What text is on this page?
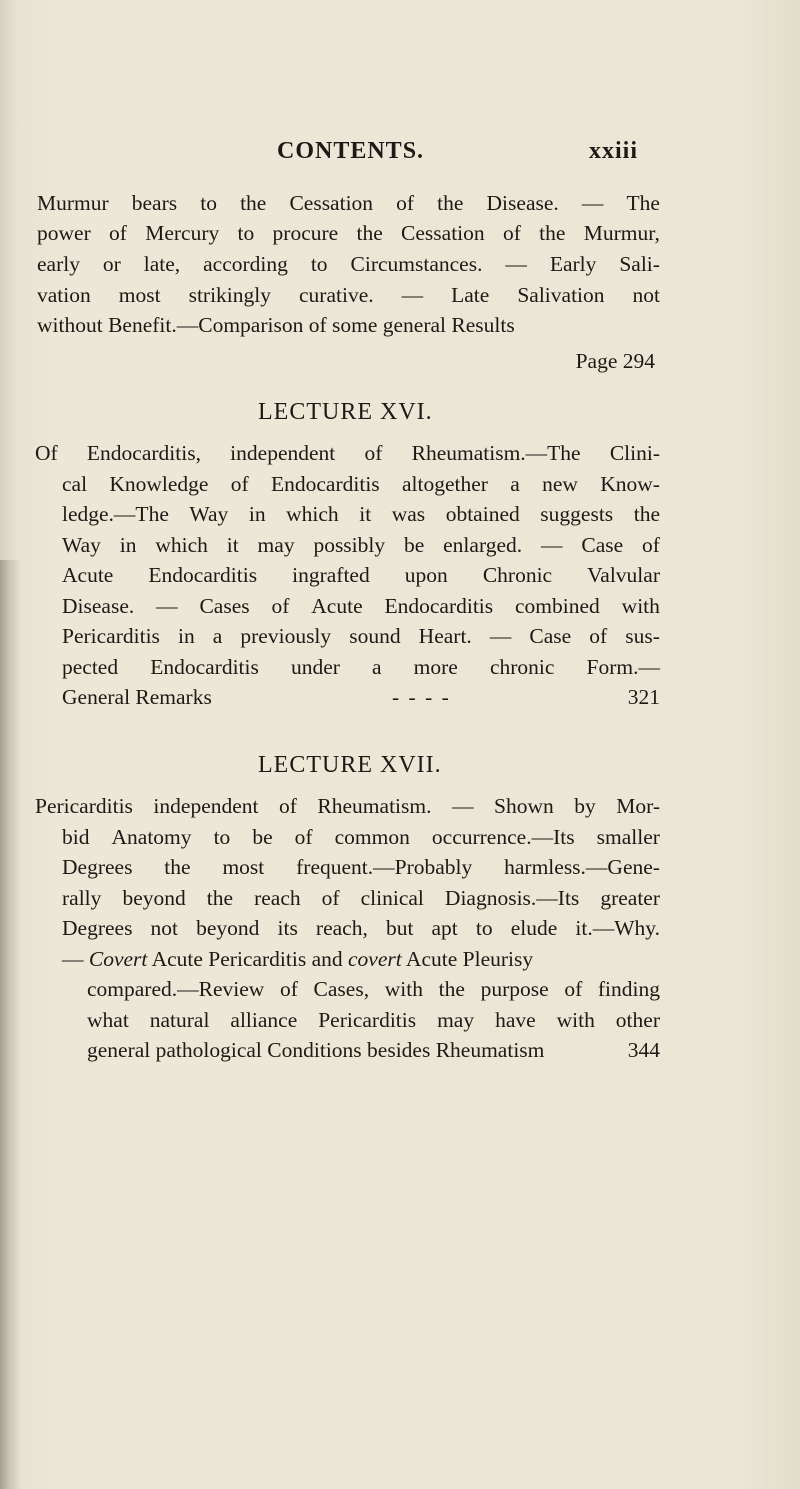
CONTENTS.	xxiii
Murmur bears to the Cessation of the Disease. — The
power of Mercury to procure the Cessation of the Murmur,
early or late, according to Circumstances. — Early Sali-
vation most strikingly curative. — Late Salivation not
without Benefit.—Comparison of some general Results
Page 294
LECTURE XVI.
Of Endocarditis, independent of Rheumatism.—The Clini-
cal Knowledge of Endocarditis altogether a new Know-
ledge.—The Way in which it was obtained suggests the
Way in which it may possibly be enlarged. — Case of
Acute Endocarditis ingrafted upon Chronic Valvular
Disease. — Cases of Acute Endocarditis combined with
Pericarditis in a previously sound Heart. — Case of sus-
pected Endocarditis under a more chronic Form.—
General Remarks	- - - -	321
LECTURE XVII.
Pericarditis independent of Rheumatism. — Shown by Mor-
bid Anatomy to be of common occurrence.—Its smaller
Degrees the most frequent.—Probably harmless.—Gene-
rally beyond the reach of clinical Diagnosis.—Its greater
Degrees not beyond its reach, but apt to elude it.—Why.
— Covert Acute Pericarditis and covert Acute Pleurisy
compared.—Review of Cases, with the purpose of finding
what natural alliance Pericarditis may have with other
general pathological Conditions besides Rheumatism	344
